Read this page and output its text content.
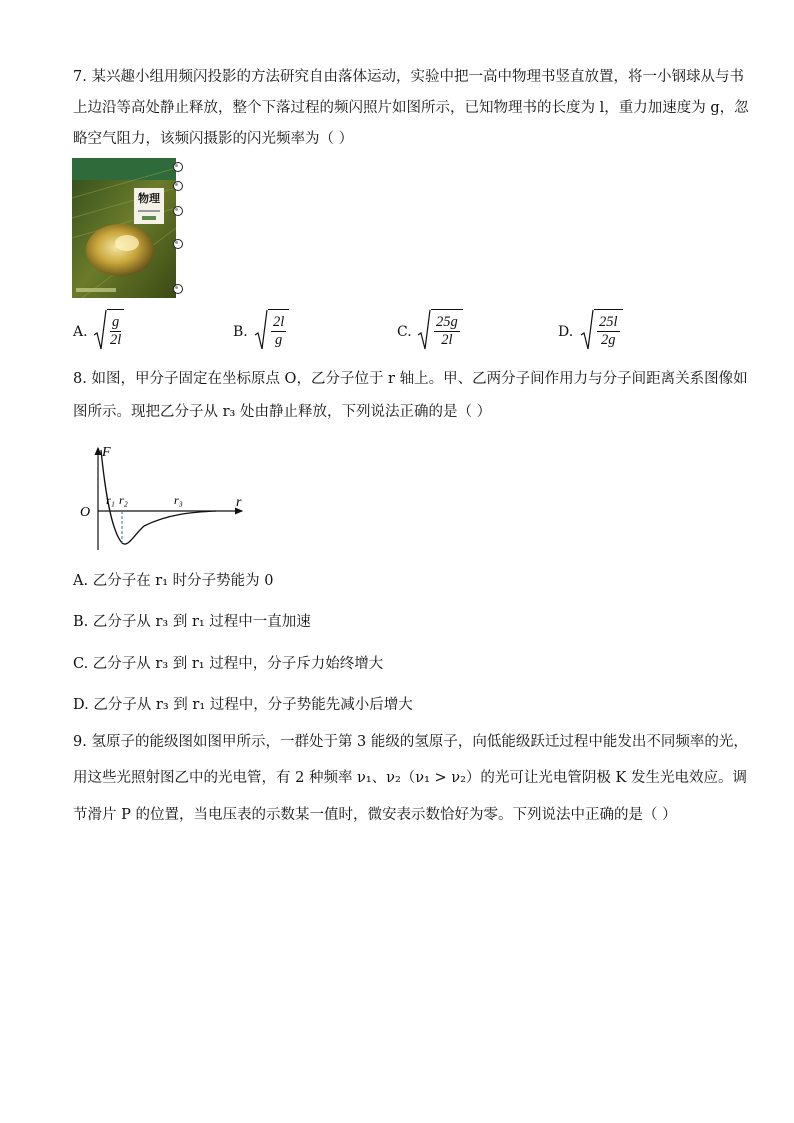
7. 某兴趣小组用频闪投影的方法研究自由落体运动，实验中把一高中物理书竖直放置，将一小钢球从与书
上边沿等高处静止释放，整个下落过程的频闪照片如图所示，已知物理书的长度为 l，重力加速度为 g，忽
略空气阻力，该频闪摄影的闪光频率为（ ）
物理
A. $\frac{g}{2l}$	B. $\frac{2l}{g}$	C. $\frac{25g}{2l}$	D. $\frac{25l}{2g}$
8. 如图，甲分子固定在坐标原点 O，乙分子位于 r 轴上。甲、乙两分子间作用力与分子间距离关系图像如
图所示。现把乙分子从 r₃ 处由静止释放，下列说法正确的是（ ）
F
r
O
r₁ r₂	r₃
A. 乙分子在 r₁ 时分子势能为 0
B. 乙分子从 r₃ 到 r₁ 过程中一直加速
C. 乙分子从 r₃ 到 r₁ 过程中，分子斥力始终增大
D. 乙分子从 r₃ 到 r₁ 过程中，分子势能先减小后增大
9. 氢原子的能级图如图甲所示，一群处于第 3 能级的氢原子，向低能级跃迁过程中能发出不同频率的光，
用这些光照射图乙中的光电管，有 2 种频率 ν₁、ν₂（ν₁ > ν₂）的光可让光电管阴极 K 发生光电效应。调
节滑片 P 的位置，当电压表的示数某一值时，微安表示数恰好为零。下列说法中正确的是（ ）
